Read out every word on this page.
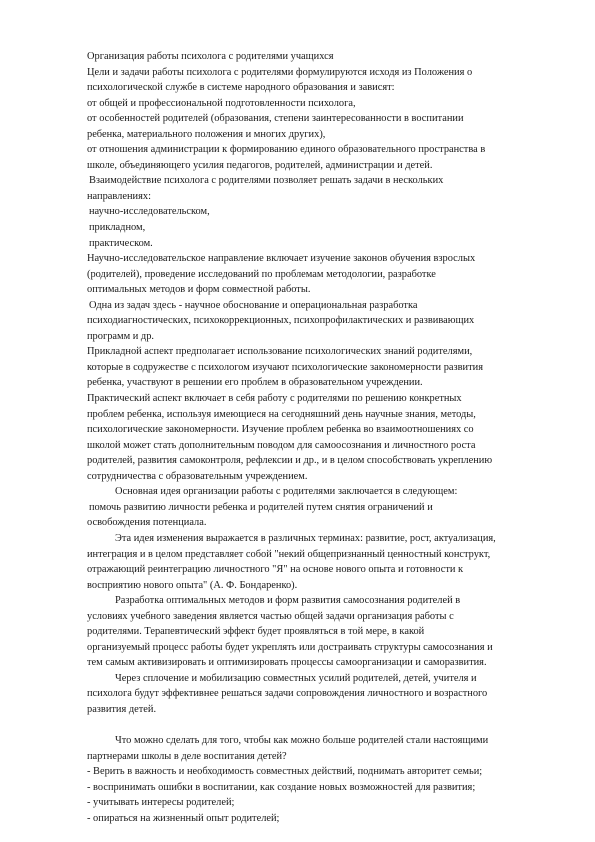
Организация работы психолога с родителями учащихся
Цели и задачи работы психолога с родителями формулируются исходя из Положения о
психологической службе в системе народного образования и зависят:
от общей и профессиональной подготовленности психолога,
от особенностей родителей (образования, степени заинтересованности в воспитании
ребенка, материального положения и многих других),
от отношения администрации к формированию единого образовательного пространства в
школе, объединяющего усилия педагогов, родителей, администрации и детей.
Взаимодействие психолога с родителями позволяет решать задачи в нескольких
направлениях:
научно-исследовательском,
прикладном,
практическом.
Научно-исследовательское направление включает изучение законов обучения взрослых
(родителей), проведение исследований по проблемам методологии, разработке
оптимальных методов и форм совместной работы.
Одна из задач здесь - научное обоснование и операциональная разработка
психодиагностических, психокоррекционных, психопрофилактических и развивающих
программ и др.
Прикладной аспект предполагает использование психологических знаний родителями,
которые в содружестве с психологом изучают психологические закономерности развития
ребенка, участвуют в решении его проблем в образовательном учреждении.
Практический аспект включает в себя работу с родителями по решению конкретных
проблем ребенка, используя имеющиеся на сегодняшний день научные знания, методы,
психологические закономерности. Изучение проблем ребенка во взаимоотношениях со
школой может стать дополнительным поводом для самоосознания и личностного роста
родителей, развития самоконтроля, рефлексии и др., и в целом способствовать укреплению
сотрудничества с образовательным учреждением.
Основная идея организации работы с родителями заключается в следующем:
помочь развитию личности ребенка и родителей путем снятия ограничений и
освобождения потенциала.
Эта идея изменения выражается в различных терминах: развитие, рост, актуализация,
интеграция и в целом представляет собой "некий общепризнанный ценностный конструкт,
отражающий реинтеграцию личностного "Я" на основе нового опыта и готовности к
восприятию нового опыта" (А. Ф. Бондаренко).
Разработка оптимальных методов и форм развития самосознания родителей в
условиях учебного заведения является частью общей задачи организация работы с
родителями. Терапевтический эффект будет проявляться в той мере, в какой
организуемый процесс работы будет укреплять или достраивать структуры самосознания и
тем самым активизировать и оптимизировать процессы самоорганизации и саморазвития.
Через сплочение и мобилизацию совместных усилий родителей, детей, учителя и
психолога будут эффективнее решаться задачи сопровождения личностного и возрастного
развития детей.
Что можно сделать для того, чтобы как можно больше родителей стали настоящими
партнерами школы в деле воспитания детей?
- Верить в важность и необходимость совместных действий, поднимать авторитет семьи;
- воспринимать ошибки в воспитании, как создание новых возможностей для развития;
- учитывать интересы родителей;
- опираться на жизненный опыт родителей;
